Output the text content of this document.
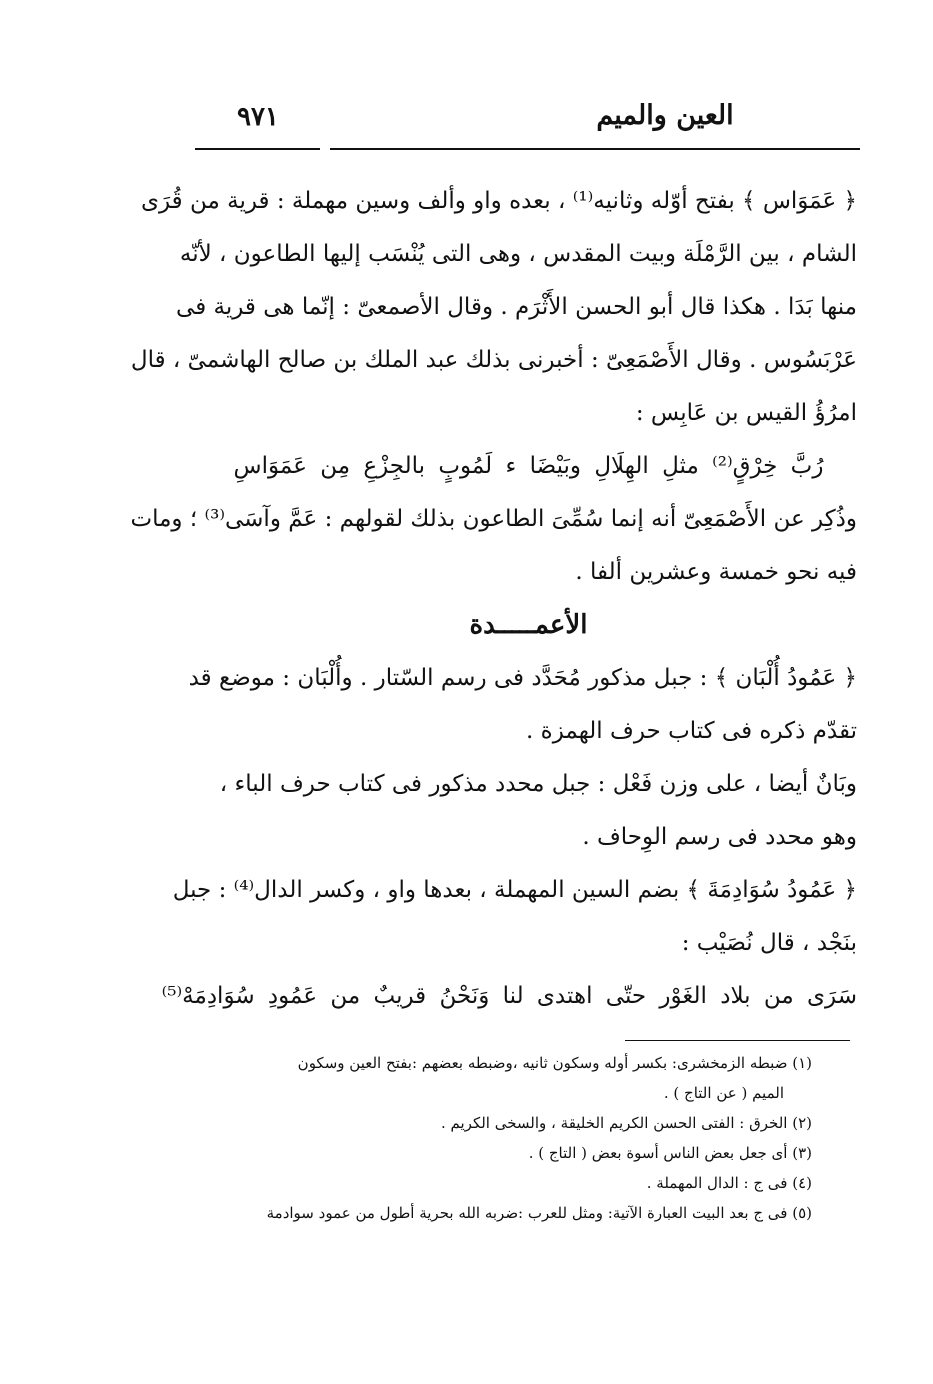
٩٧١	العين والميم
﴿ عَمَوَاس ﴾ بفتح أوّله وثانيه⁽¹⁾ ، بعده واو وألف وسين مهملة : قرية من قُرَى
الشام ، بين الرَّمْلَة وبيت المقدس ، وهى التى يُنْسَب إليها الطاعون ، لأنّه
منها بَدَا . هكذا قال أبو الحسن الأَثْرَم . وقال الأصمعىّ : إنّما هى قرية فى
عَرْبَسُوس . وقال الأَصْمَعِىّ : أخبرنى بذلك عبد الملك بن صالح الهاشمىّ ، قال
امرُؤُ القيس بن عَابِس :
رُبَّ خِرْقٍ⁽²⁾ مثلِ الهِلَالِ وبَيْضَا ء لَمُوبٍ بالجِزْعِ مِن عَمَوَاسِ
وذُكِر عن الأَصْمَعِىّ أنه إنما سُمِّىَ الطاعون بذلك لقولهم : عَمَّ وآسَى⁽³⁾ ؛ ومات
فيه نحو خمسة وعشرين ألفا .
الأعمـــــدة
﴿ عَمُودُ أُلْبَان ﴾ : جبل مذكور مُحَدَّد فى رسم السّتار . وأُلْبَان : موضع قد
تقدّم ذكره فى كتاب حرف الهمزة .
وبَانٌ أيضا ، على وزن فَعْل : جبل محدد مذكور فى كتاب حرف الباء ،
وهو محدد فى رسم الوِحاف .
﴿ عَمُودُ سُوَادِمَةَ ﴾ بضم السين المهملة ، بعدها واو ، وكسر الدال⁽⁴⁾ : جبل
بنَجْد ، قال نُصَيْب :
سَرَى من بلاد الغَوْر حتّى اهتدى لنا وَنَحْنُ قريبٌ من عَمُودِ سُوَادِمَهْ⁽⁵⁾
(١) ضبطه الزمخشرى: بكسر أوله وسكون ثانيه ،وضبطه بعضهم :بفتح العين وسكون
الميم ( عن التاج ) .
(٢) الخرق : الفتى الحسن الكريم الخليقة ، والسخى الكريم .
(٣) أى جعل بعض الناس أسوة بعض ( التاج ) .
(٤) فى ج : الدال المهملة .
(٥) فى ج بعد البيت العبارة الآتية: ومثل للعرب :ضربه الله بحرية أطول من عمود سوادمة
